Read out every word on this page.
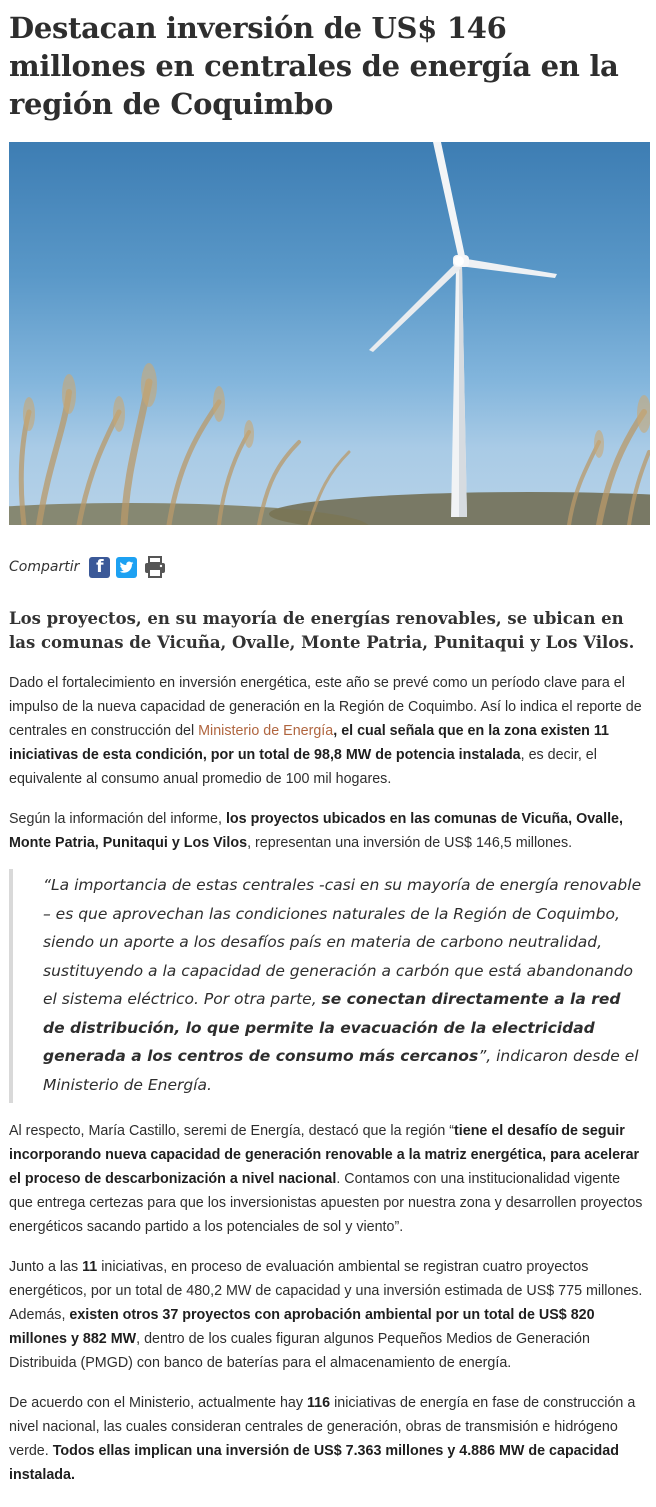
Destacan inversión de US$ 146 millones en centrales de energía en la región de Coquimbo
Compartir f

Los proyectos, en su mayoría de energías renovables, se ubican en las comunas de Vicuña, Ovalle, Monte Patria, Punitaqui y Los Vilos.

Dado el fortalecimiento en inversión energética, este año se prevé como un período clave para el impulso de la nueva capacidad de generación en la Región de Coquimbo. Así lo indica el reporte de centrales en construcción del Ministerio de Energía, el cual señala que en la zona existen 11 iniciativas de esta condición, por un total de 98,8 MW de potencia instalada, es decir, el equivalente al consumo anual promedio de 100 mil hogares.

Según la información del informe, los proyectos ubicados en las comunas de Vicuña, Ovalle, Monte Patria, Punitaqui y Los Vilos, representan una inversión de US$ 146,5 millones.

“La importancia de estas centrales -casi en su mayoría de energía renovable – es que aprovechan las condiciones naturales de la Región de Coquimbo, siendo un aporte a los desafíos país en materia de carbono neutralidad, sustituyendo a la capacidad de generación a carbón que está abandonando el sistema eléctrico. Por otra parte, se conectan directamente a la red de distribución, lo que permite la evacuación de la electricidad generada a los centros de consumo más cercanos”, indicaron desde el Ministerio de Energía.

Al respecto, María Castillo, seremi de Energía, destacó que la región “tiene el desafío de seguir incorporando nueva capacidad de generación renovable a la matriz energética, para acelerar el proceso de descarbonización a nivel nacional. Contamos con una institucionalidad vigente que entrega certezas para que los inversionistas apuesten por nuestra zona y desarrollen proyectos energéticos sacando partido a los potenciales de sol y viento”.

Junto a las 11 iniciativas, en proceso de evaluación ambiental se registran cuatro proyectos energéticos, por un total de 480,2 MW de capacidad y una inversión estimada de US$ 775 millones. Además, existen otros 37 proyectos con aprobación ambiental por un total de US$ 820 millones y 882 MW, dentro de los cuales figuran algunos Pequeños Medios de Generación Distribuida (PMGD) con banco de baterías para el almacenamiento de energía.

De acuerdo con el Ministerio, actualmente hay 116 iniciativas de energía en fase de construcción a nivel nacional, las cuales consideran centrales de generación, obras de transmisión e hidrógeno verde. Todos ellas implican una inversión de US$ 7.363 millones y 4.886 MW de capacidad instalada.
